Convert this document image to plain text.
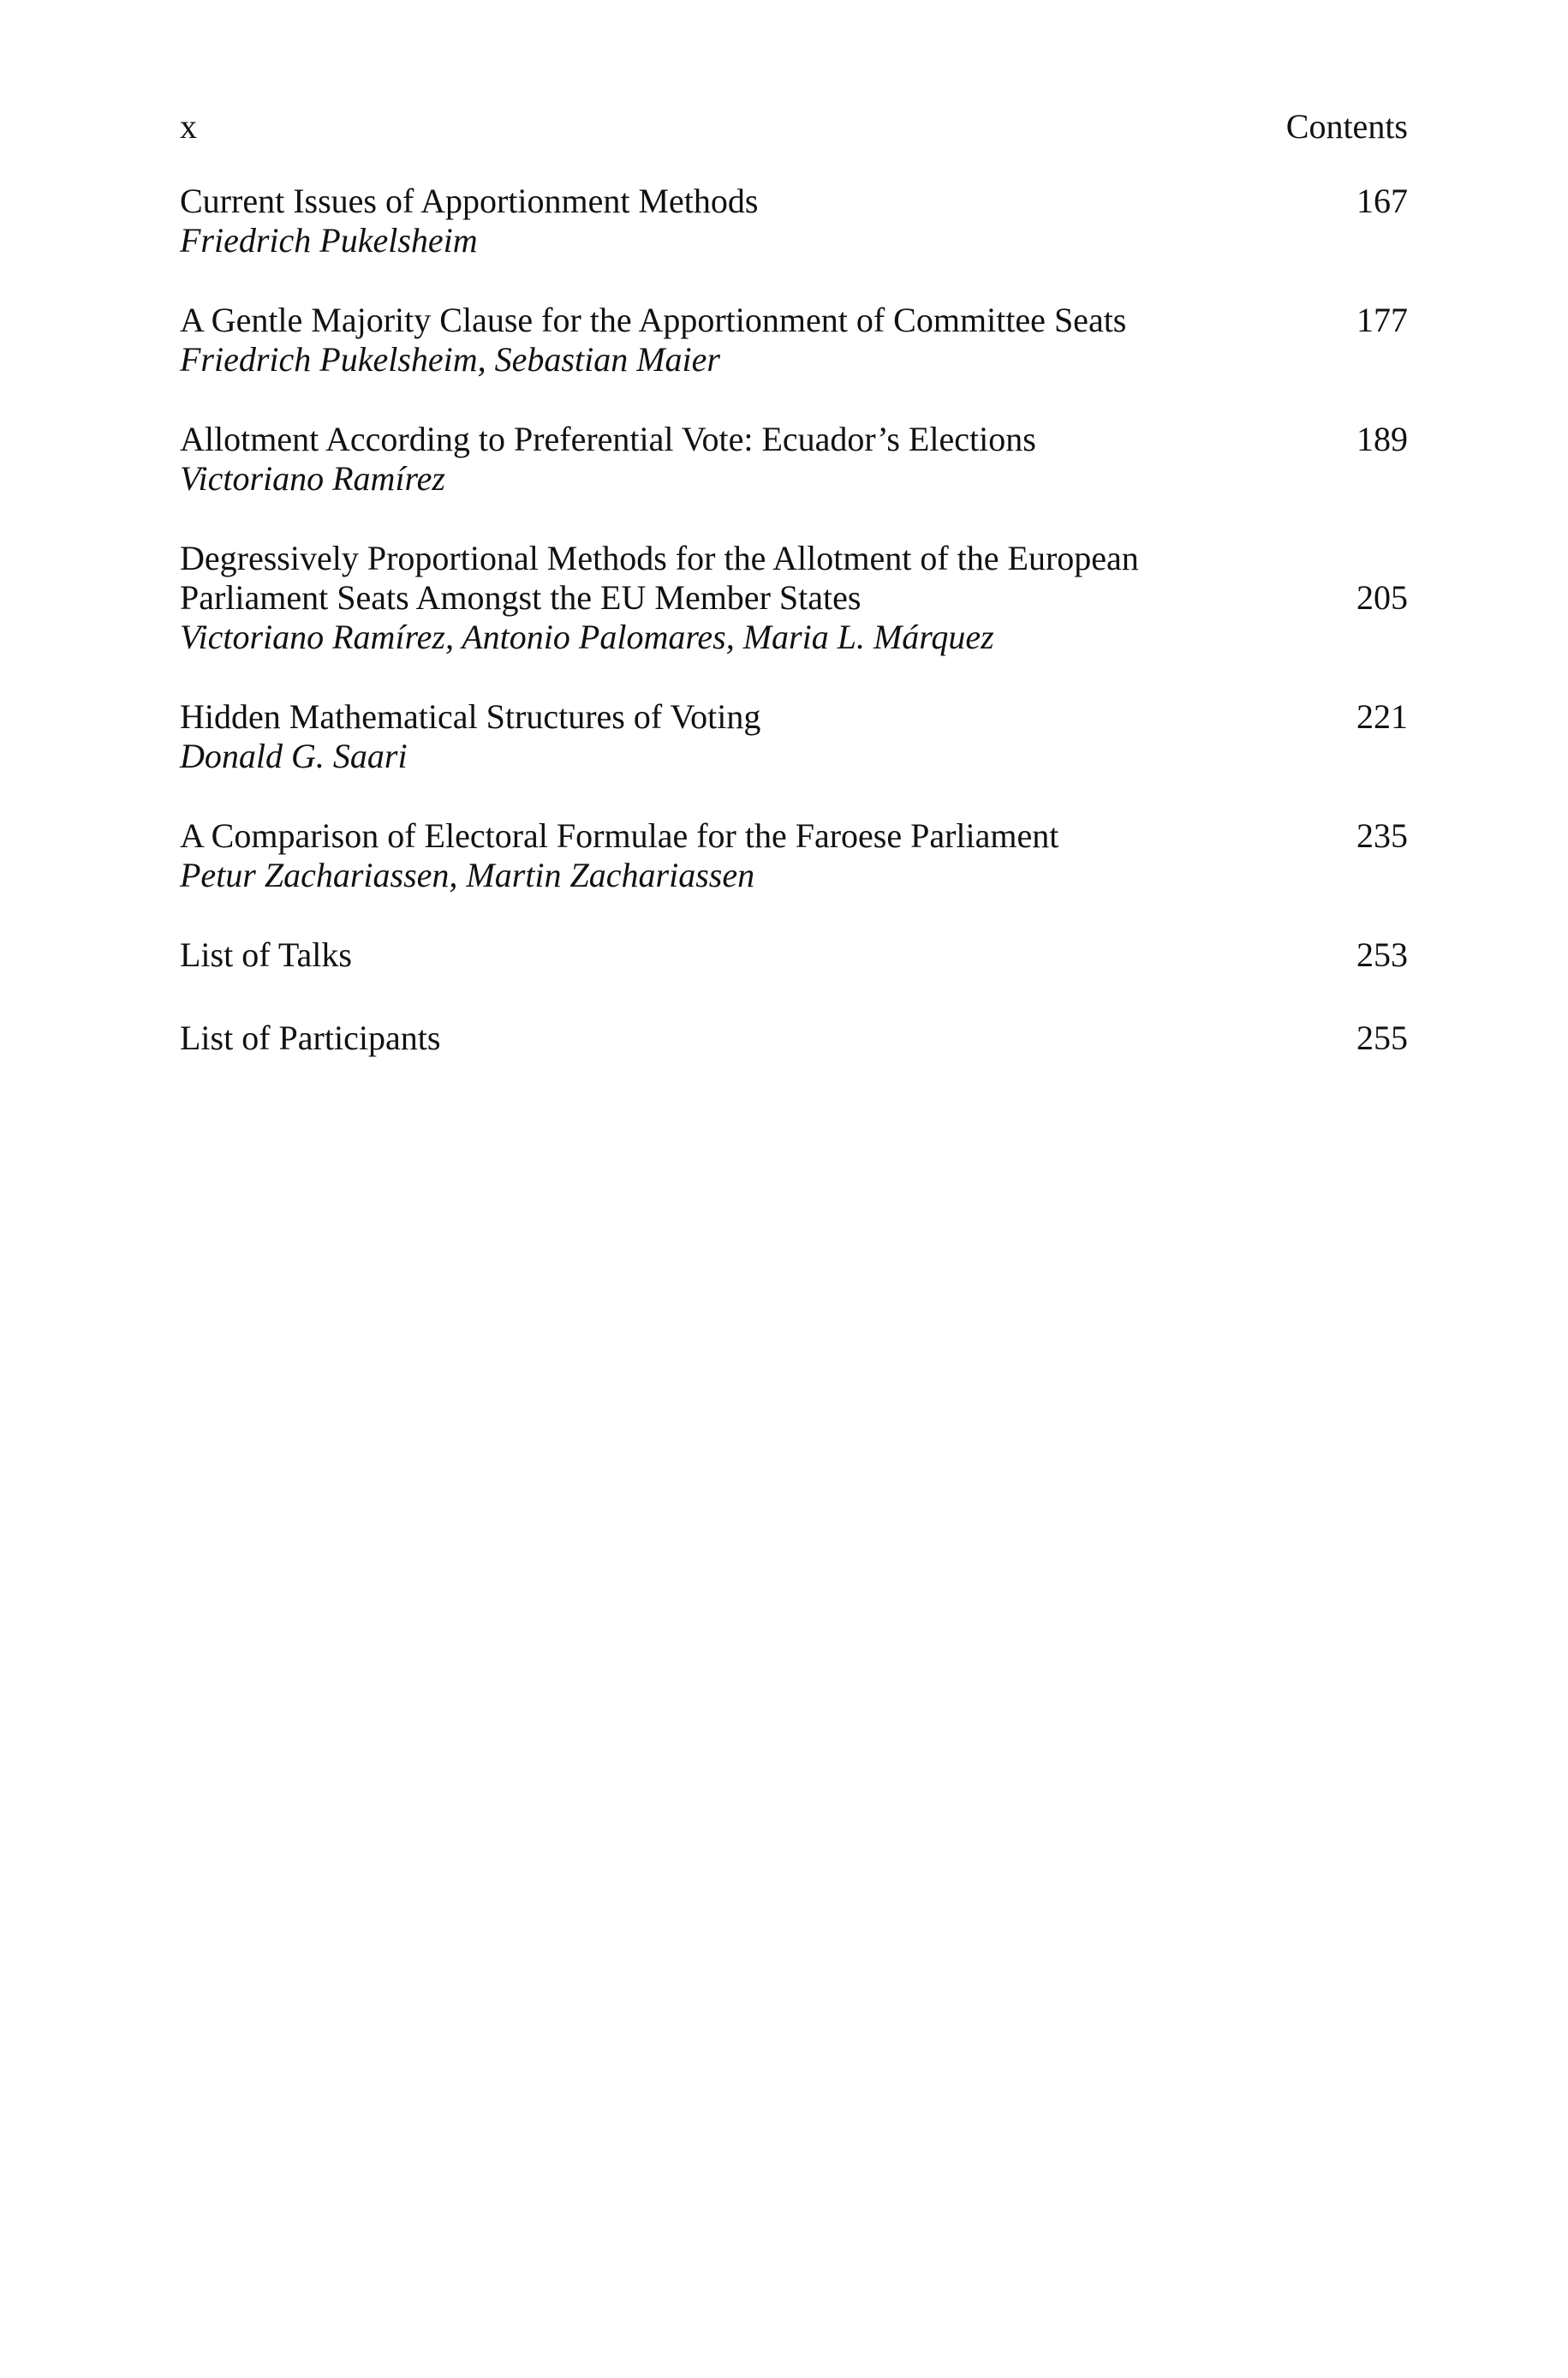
x	Contents
Current Issues of Apportionment Methods	167
Friedrich Pukelsheim
A Gentle Majority Clause for the Apportionment of Committee Seats	177
Friedrich Pukelsheim, Sebastian Maier
Allotment According to Preferential Vote: Ecuador’s Elections	189
Victoriano Ramírez
Degressively Proportional Methods for the Allotment of the European
Parliament Seats Amongst the EU Member States	205
Victoriano Ramírez, Antonio Palomares, Maria L. Márquez
Hidden Mathematical Structures of Voting	221
Donald G. Saari
A Comparison of Electoral Formulae for the Faroese Parliament	235
Petur Zachariassen, Martin Zachariassen
List of Talks	253
List of Participants	255
